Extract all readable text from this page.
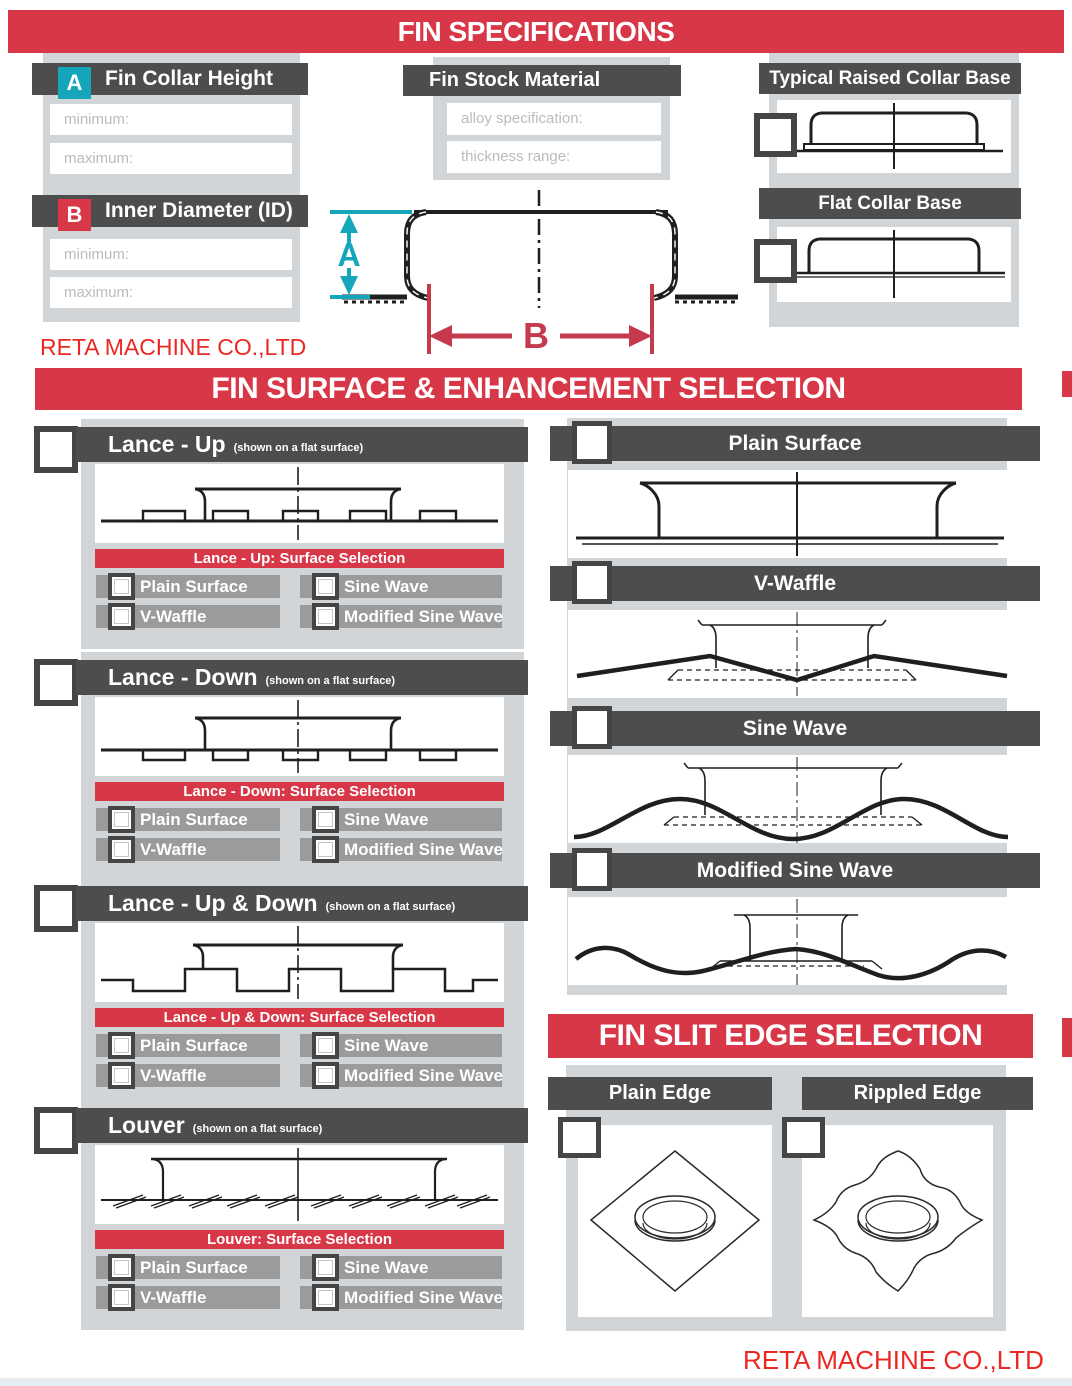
FIN SPECIFICATIONS
Fin Collar Height
A
minimum:
maximum:
Inner Diameter (ID)
B
minimum:
maximum:
RETA MACHINE CO.,LTD
Fin Stock Material
alloy specification:
thickness range:
A
B
Typical Raised Collar Base
Flat Collar Base
FIN SURFACE & ENHANCEMENT SELECTION
Lance - Up (shown on a flat surface)
Lance - Up: Surface Selection
Plain Surface	Sine Wave
V-Waffle	Modified Sine Wave
Lance - Down (shown on a flat surface)
Lance - Down: Surface Selection
Plain Surface	Sine Wave
V-Waffle	Modified Sine Wave
Lance - Up & Down (shown on a flat surface)
Lance - Up & Down: Surface Selection
Plain Surface	Sine Wave
V-Waffle	Modified Sine Wave
Louver (shown on a flat surface)
Louver: Surface Selection
Plain Surface	Sine Wave
V-Waffle	Modified Sine Wave
Plain Surface
V-Waffle
Sine Wave
Modified Sine Wave
FIN SLIT EDGE SELECTION
Plain Edge	Rippled Edge
RETA MACHINE CO.,LTD
